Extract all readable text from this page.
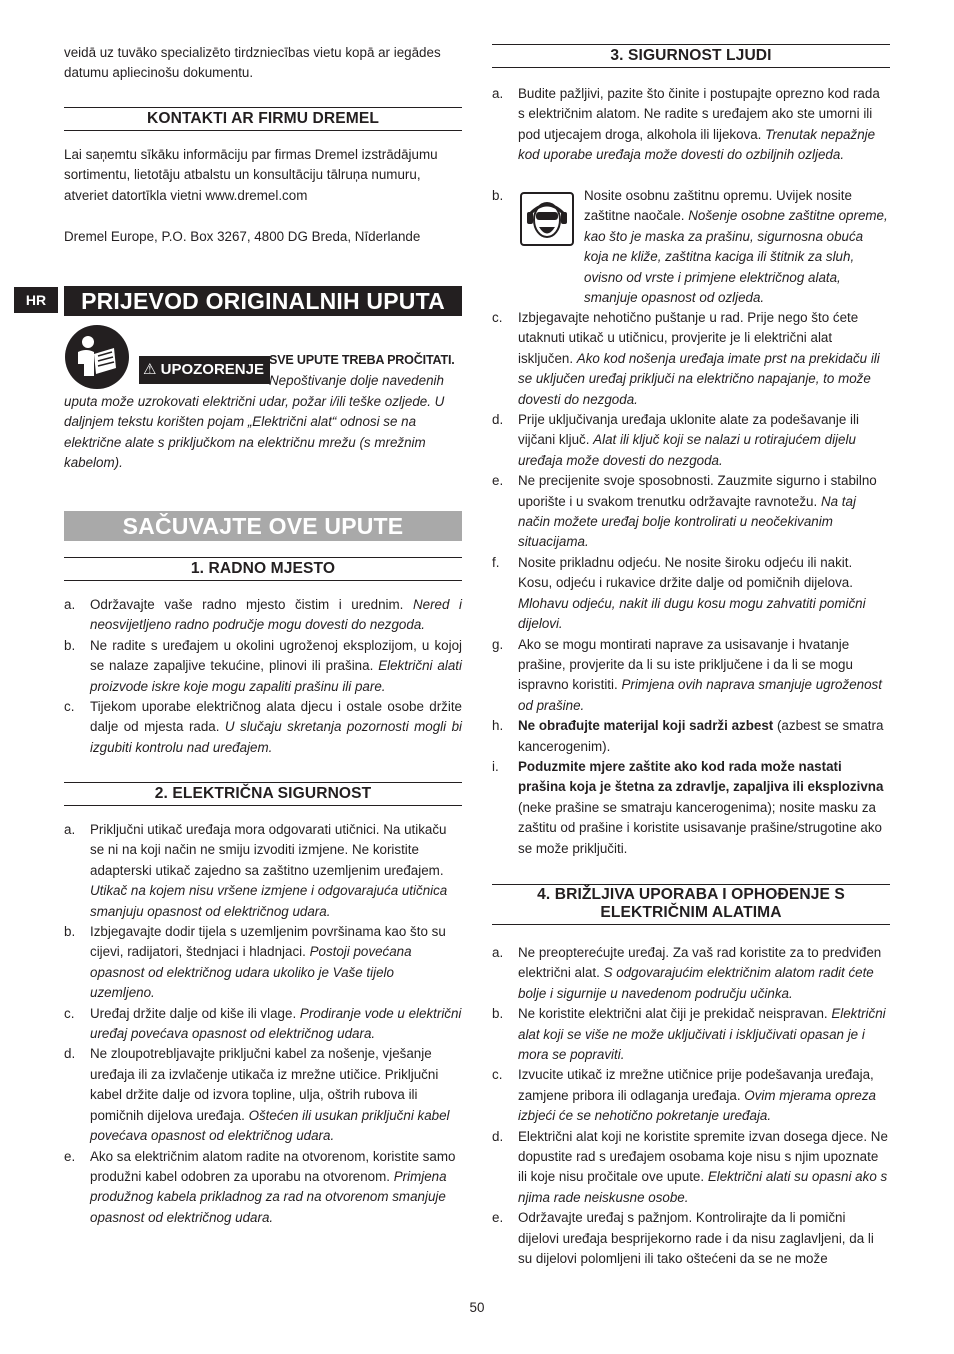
HR

veidā uz tuvāko specializēto tirdzniecības vietu kopā ar iegādes datumu apliecinošu dokumentu.

KONTAKTI AR FIRMU DREMEL

Lai saņemtu sīkāku informāciju par firmas Dremel izstrādājumu sortimentu, lietotāju atbalstu un konsultāciju tālruņa numuru, atveriet datortīkla vietni www.dremel.com

Dremel Europe, P.O. Box 3267, 4800 DG Breda, Nīderlande

PRIJEVOD ORIGINALNIH UPUTA
⚠ UPOZORENJE

SVE UPUTE TREBA PROČITATI.

Nepoštivanje dolje navedenih

uputa može uzrokovati električni udar, požar i/ili teške ozljede. U daljnjem tekstu korišten pojam „Električni alat“ odnosi se na električne alate s priključkom na električnu mrežu (s mrežnim kabelom).

SAČUVAJTE OVE UPUTE
1. RADNO MJESTO
a. Održavajte vaše radno mjesto čistim i urednim. Nered i neosvijetljeno radno područje mogu dovesti do nezgoda.

b. Ne radite s uređajem u okolini ugroženoj eksplozijom, u kojoj se nalaze zapaljive tekućine, plinovi ili prašina. Električni alati proizvode iskre koje mogu zapaliti prašinu ili pare.

c. Tijekom uporabe električnog alata djecu i ostale osobe držite dalje od mjesta rada. U slučaju skretanja pozornosti mogli bi izgubiti kontrolu nad uređajem.

2. ELEKTRIČNA SIGURNOST
a. Priključni utikač uređaja mora odgovarati utičnici. Na utikaču se ni na koji način ne smiju izvoditi izmjene. Ne koristite adapterski utikač zajedno sa zaštitno uzemljenim uređajem. Utikač na kojem nisu vršene izmjene i odgovarajuća utičnica smanjuju opasnost od električnog udara.

b. Izbjegavajte dodir tijela s uzemljenim površinama kao što su cijevi, radijatori, štednjaci i hladnjaci. Postoji povećana opasnost od električnog udara ukoliko je Vaše tijelo uzemljeno.

c. Uređaj držite dalje od kiše ili vlage. Prodiranje vode u električni uređaj povećava opasnost od električnog udara.

d. Ne zloupotrebljavajte priključni kabel za nošenje, vješanje uređaja ili za izvlačenje utikača iz mrežne utičice. Priključni kabel držite dalje od izvora topline, ulja, oštrih rubova ili pomičnih dijelova uređaja. Oštećen ili usukan priključni kabel povećava opasnost od električnog udara.

e. Ako sa električnim alatom radite na otvorenom, koristite samo produžni kabel odobren za uporabu na otvorenom. Primjena produžnog kabela prikladnog za rad na otvorenom smanjuje opasnost od električnog udara.

3. SIGURNOST LJUDI
a. Budite pažljivi, pazite što činite i postupajte oprezno kod rada s električnim alatom. Ne radite s uređajem ako ste umorni ili pod utjecajem droga, alkohola ili lijekova. Trenutak nepažnje kod uporabe uređaja može dovesti do ozbiljnih ozljeda.

b.	Nosite osobnu zaštitnu opremu. Uvijek nosite zaštitne naočale. Nošenje osobne zaštitne opreme, kao što je maska za prašinu, sigurnosna obuća koja ne kliže, zaštitna kaciga ili štitnik za sluh, ovisno od vrste i primjene električnog alata, smanjuje opasnost od ozljeda.

c. Izbjegavajte nehotično puštanje u rad. Prije nego što ćete utaknuti utikač u utičnicu, provjerite je li električni alat isključen. Ako kod nošenja uređaja imate prst na prekidaču ili se uključen uređaj priključi na električno napajanje, to može dovesti do nezgoda.

d. Prije uključivanja uređaja uklonite alate za podešavanje ili vijčani ključ. Alat ili ključ koji se nalazi u rotirajućem dijelu uređaja može dovesti do nezgoda.

e. Ne precijenite svoje sposobnosti. Zauzmite sigurno i stabilno uporište i u svakom trenutku održavajte ravnotežu. Na taj način možete uređaj bolje kontrolirati u neočekivanim situacijama.

f. Nosite prikladnu odjeću. Ne nosite široku odjeću ili nakit. Kosu, odjeću i rukavice držite dalje od pomičnih dijelova. Mlohavu odjeću, nakit ili dugu kosu mogu zahvatiti pomični dijelovi.

g. Ako se mogu montirati naprave za usisavanje i hvatanje prašine, provjerite da li su iste priključene i da li se mogu ispravno koristiti. Primjena ovih naprava smanjuje ugroženost od prašine.

h. Ne obrađujte materijal koji sadrži azbest (azbest se smatra kancerogenim).

i. Poduzmite mjere zaštite ako kod rada može nastati prašina koja je štetna za zdravlje, zapaljiva ili eksplozivna (neke prašine se smatraju kancerogenima); nosite masku za zaštitu od prašine i koristite usisavanje prašine/strugotine ako se može priključiti.

4. BRIŽLJIVA UPORABA I OPHOĐENJE S ELEKTRIČNIM ALATIMA
a. Ne preopterećujte uređaj. Za vaš rad koristite za to predviđen električni alat. S odgovarajućim električnim alatom radit ćete bolje i sigurnije u navedenom području učinka.

b. Ne koristite električni alat čiji je prekidač neispravan. Električni alat koji se više ne može uključivati i isključivati opasan je i mora se popraviti.

c. Izvucite utikač iz mrežne utičnice prije podešavanja uređaja, zamjene pribora ili odlaganja uređaja. Ovim mjerama opreza izbjeći će se nehotično pokretanje uređaja.

d. Električni alat koji ne koristite spremite izvan dosega djece. Ne dopustite rad s uređajem osobama koje nisu s njim upoznate ili koje nisu pročitale ove upute. Električni alati su opasni ako s njima rade neiskusne osobe.

e. Održavajte uređaj s pažnjom. Kontrolirajte da li pomični dijelovi uređaja besprijekorno rade i da nisu zaglavljeni, da li su dijelovi polomljeni ili tako oštećeni da se ne može

50
